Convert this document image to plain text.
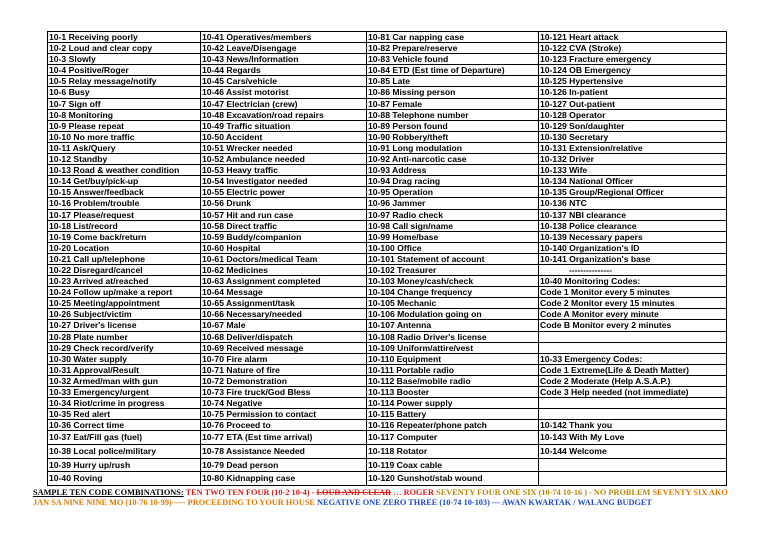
10-1 Receiving poorly	10-41 Operatives/members	10-81 Car napping case	10-121 Heart attack
10-2 Loud and clear copy	10-42 Leave/Disengage	10-82 Prepare/reserve	10-122 CVA (Stroke)
10-3 Slowly	10-43 News/Information	10-83 Vehicle found	10-123 Fracture emergency
10-4 Positive/Roger	10-44 Regards	10-84 ETD (Est time of Departure)	10-124 OB Emergency
10-5 Relay message/notify	10-45 Cars/vehicle	10-85 Late	10-125 Hypertensive
10-6 Busy	10-46 Assist motorist	10-86 Missing person	10-126 In-patient
10-7 Sign off	10-47 Electrician (crew)	10-87 Female	10-127 Out-patient
10-8 Monitoring	10-48 Excavation/road repairs	10-88 Telephone number	10-128 Operator
10-9 Please repeat	10-49 Traffic situation	10-89 Person found	10-129 Son/daughter
10-10 No more traffic	10-50 Accident	10-90 Robbery/theft	10-130 Secretary
10-11 Ask/Query	10-51 Wrecker needed	10-91 Long modulation	10-131 Extension/relative
10-12 Standby	10-52 Ambulance needed	10-92 Anti-narcotic case	10-132 Driver
10-13 Road & weather condition	10-53 Heavy traffic	10-93 Address	10-133 Wife
10-14 Get/buy/pick-up	10-54 Investigator needed	10-94 Drag racing	10-134 National Officer
10-15 Answer/feedback	10-55 Electric power	10-95 Operation	10-135 Group/Regional Officer
10-16 Problem/trouble	10-56 Drunk	10-96 Jammer	10-136 NTC
10-17 Please/request	10-57 Hit and run case	10-97 Radio check	10-137 NBI clearance
10-18 List/record	10-58 Direct traffic	10-98 Call sign/name	10-138 Police clearance
10-19 Come back/return	10-59 Buddy/companion	10-99 Home/base	10-139 Necessary papers
10-20 Location	10-60 Hospital	10-100 Office	10-140 Organization's ID
10-21 Call up/telephone	10-61 Doctors/medical Team	10-101 Statement of account	10-141 Organization's base
10-22 Disregard/cancel	10-62 Medicines	10-102 Treasurer	---------------
10-23 Arrived at/reached	10-63 Assignment completed	10-103 Money/cash/check	10-40 Monitoring Codes:
10-24 Follow up/make a report	10-64 Message	10-104 Change frequency	Code 1 Monitor every 5 minutes
10-25 Meeting/appointment	10-65 Assignment/task	10-105 Mechanic	Code 2 Monitor every 15 minutes
10-26 Subject/victim	10-66 Necessary/needed	10-106 Modulation going on	Code A Monitor every minute
10-27 Driver's license	10-67 Male	10-107 Antenna	Code B Monitor every 2 minutes
10-28 Plate number	10-68 Deliver/dispatch	10-108 Radio Driver's license	
10-29 Check record/verify	10-69 Received message	10-109 Uniform/attire/vest	
10-30 Water supply	10-70 Fire alarm	10-110 Equipment	10-33 Emergency Codes:
10-31 Approval/Result	10-71 Nature of fire	10-111 Portable radio	Code 1 Extreme(Life & Death Matter)
10-32 Armed/man with gun	10-72 Demonstration	10-112 Base/mobile radio	Code 2 Moderate (Help A.S.A.P.)
10-33 Emergency/urgent	10-73 Fire truck/God Bless	10-113 Booster	Code 3 Help needed (not immediate)
10-34 Riot/crime in progress	10-74 Negative	10-114 Power supply	
10-35 Red alert	10-75 Permission to contact	10-115 Battery	
10-36 Correct time	10-76 Proceed to	10-116 Repeater/phone patch	10-142 Thank you
10-37 Eat/Fill gas (fuel)	10-77 ETA (Est time arrival)	10-117 Computer	10-143 With My Love
10-38 Local police/military	10-78 Assistance Needed	10-118 Rotator	10-144 Welcome
10-39 Hurry up/rush	10-79 Dead person	10-119 Coax cable	
10-40 Roving	10-80 Kidnapping case	10-120 Gunshot/stab wound	
SAMPLE TEN CODE COMBINATIONS: TEN TWO TEN FOUR (10-2 10-4) - LOUD AND CLEAR … ROGER SEVENTY FOUR ONE SIX (10-74 10-16 ) - NO PROBLEM SEVENTY SIX AKO
JAN SA NINE NINE MO (10-76 10-99)----- PROCEEDING TO YOUR HOUSE NEGATIVE ONE ZERO THREE (10-74 10-103) --- AWAN KWARTAK / WALANG BUDGET
